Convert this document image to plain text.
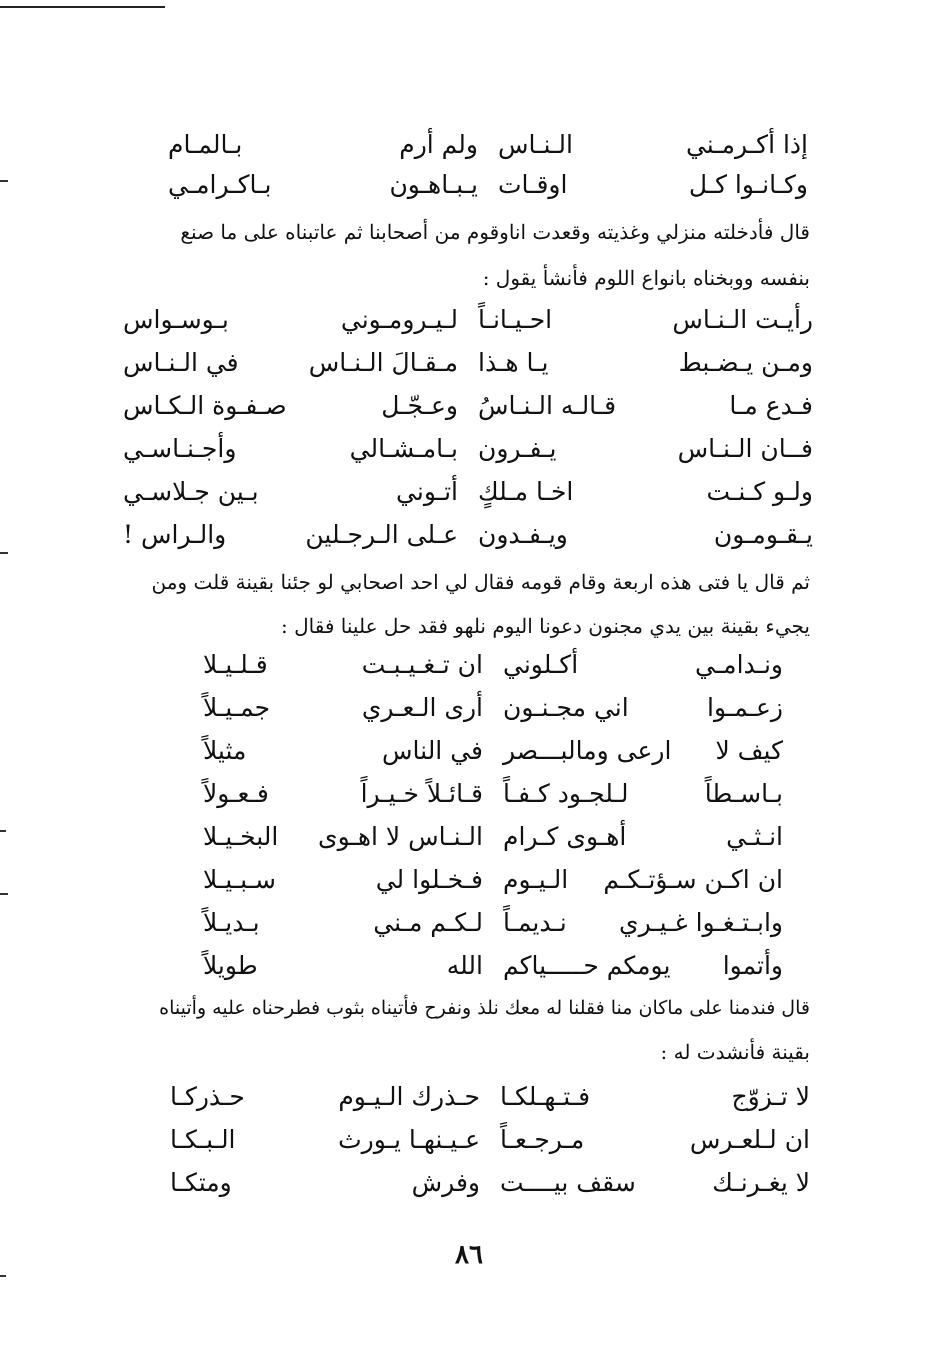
إذا أكـرمـني
الـنـاس
ولم أرم
بـالمـام
وكـانـوا كـل
اوقـات
يـبـاهـون
بـاكـرامـي
قال فأدخلته منزلي وغذيته وقعدت اناوقوم من أصحابنا ثم عاتبناه على ما صنع
بنفسه ووبخناه بانواع اللوم فأنشأ يقول :
رأيـت الـنـاس
احـيـانـاً
لـيـرومـوني
بـوسـواس
ومـن يـضـبط
يـا هـذا
مـقـالَ الـنـاس
في الـنـاس
فـدع مـا
قـالـه الـنـاسُ
وعـجّـل
صـفـوة الـكـاس
فــان الـنـاس
يـفـرون
بـامـشـالي
وأجـنـاسـي
ولـو كـنـت
اخـا مـلكٍ
أتـوني
بـين جـلاسـي
يـقـومـون
ويـفـدون
عـلى الـرجـلين
والـراس !
ثم قال يا فتى هذه اربعة وقام قومه فقال لي احد اصحابي لو جئنا بقينة قلت ومن
يجيء بقينة بين يدي مجنون دعونا اليوم نلهو فقد حل علينا فقال :
ونـدامـي
أكـلوني
ان تـغـيـبـت
قـلـيـلا
زعـمـوا
اني مجـنـون
أرى الـعـري
جمـيـلاً
كيف لا
ارعى ومالبـــصر
في الناس
مثيلاً
بـاسـطاً
لـلجـود كـفـاً
قـائـلاً خـيـراً
فـعـولاً
انـثـي
أهـوى كـرام
الـنـاس لا اهـوى
البخـيـلا
ان اكـن سـؤتـكـم
الـيـوم
فـخـلوا لي
سـبـيـلا
وابـتـغـوا غـيـري
نـديمـاً
لـكـم مـني
بـديـلاً
وأتموا
يومكم حـــــياكم
الله
طويلاً
قال فندمنا على ماكان منا فقلنا له معك نلذ ونفرح فأتيناه بثوب فطرحناه عليه وأتيناه
بقينة فأنشدت له :
لا تـزوّج
فـتـهـلكـا
حـذرك الـيـوم
حـذركـا
ان لـلعـرس
مـرجـعـاً
عـيـنهـا يـورث
الـبـكـا
لا يغـرنـك
سقف بيــــت
وفرش
ومتكـا
٨٦
